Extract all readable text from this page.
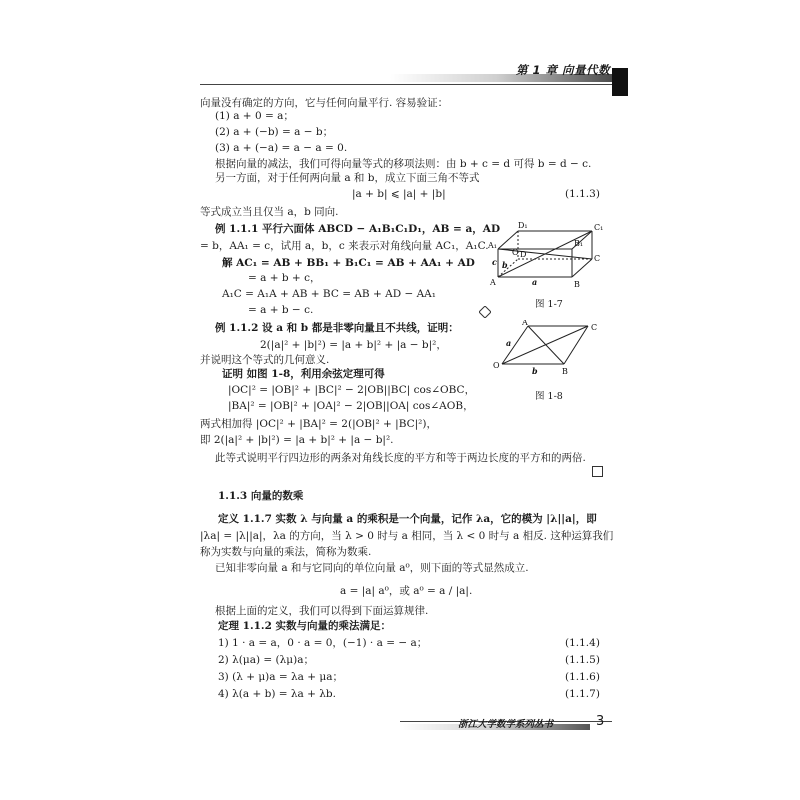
第 1 章 向量代数
向量没有确定的方向，它与任何向量平行. 容易验证：
(1) a + 0 = a；
(2) a + (−b) = a − b；
(3) a + (−a) = a − a = 0.
根据向量的减法，我们可得向量等式的移项法则：由 b + c = d 可得 b = d − c.
另一方面，对于任何两向量 a 和 b，成立下面三角不等式
|a + b| ⩽ |a| + |b|
等式成立当且仅当 a，b 同向.
例 1.1.1 平行六面体 ABCD − A₁B₁C₁D₁，AB = a，AD
= b，AA₁ = c，试用 a，b，c 来表示对角线向量 AC₁，A₁C.
解 AC₁ = AB + BB₁ + B₁C₁ = AB + AA₁ + AD
= a + b + c，
A₁C = A₁A + AB + BC = AB + AD − AA₁
= a + b − c.
例 1.1.2 设 a 和 b 都是非零向量且不共线，证明：
2(|a|² + |b|²) = |a + b|² + |a − b|²，
并说明这个等式的几何意义.
证明 如图 1-8，利用余弦定理可得
|OC|² = |OB|² + |BC|² − 2|OB||BC| cos∠OBC，
|BA|² = |OB|² + |OA|² − 2|OB||OA| cos∠AOB，
两式相加得 |OC|² + |BA|² = 2(|OB|² + |BC|²)，
即 2(|a|² + |b|²) = |a + b|² + |a − b|².
此等式说明平行四边形的两条对角线长度的平方和等于两边长度的平方和的两倍.
1.1.3 向量的数乘
定义 1.1.7 实数 λ 与向量 a 的乘积是一个向量，记作 λa，它的模为 |λ||a|，即
|λa| = |λ||a|，λa 的方向，当 λ > 0 时与 a 相同，当 λ < 0 时与 a 相反. 这种运算我们
称为实数与向量的乘法，简称为数乘.
已知非零向量 a 和与它同向的单位向量 a⁰，则下面的等式显然成立.
a = |a| a⁰，或 a⁰ = a / |a|.
根据上面的定义，我们可以得到下面运算规律.
定理 1.1.2 实数与向量的乘法满足：
1) 1 · a = a，0 · a = 0，(−1) · a = − a；
2) λ(μa) = (λμ)a；
3) (λ + μ)a = λa + μa；
4) λ(a + b) = λa + λb.
(1.1.3)
(1.1.4)
(1.1.5)
(1.1.6)
(1.1.7)
A₁	B₁
C₁
D₁
A	B
C
D
a
b
c
O
图 1-7
A
B
C
O
a
b
图 1-8
浙江大学数学系列丛书	3
